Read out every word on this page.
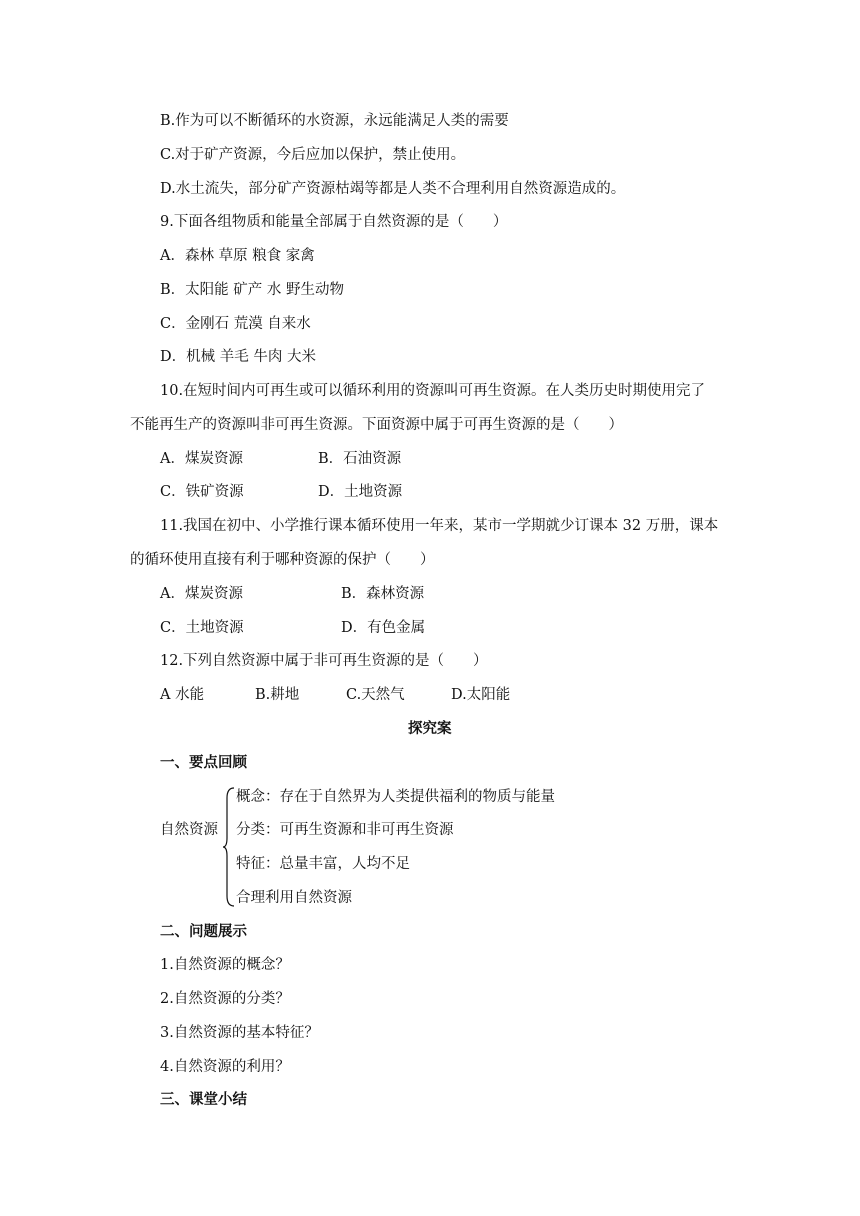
B.作为可以不断循环的水资源，永远能满足人类的需要
C.对于矿产资源，今后应加以保护，禁止使用。
D.水土流失，部分矿产资源枯竭等都是人类不合理利用自然资源造成的。
9.下面各组物质和能量全部属于自然资源的是（　　）
A．森林 草原 粮食 家禽
B．太阳能 矿产 水 野生动物
C．金刚石 荒漠 自来水
D．机械 羊毛 牛肉 大米
10.在短时间内可再生或可以循环利用的资源叫可再生资源。在人类历史时期使用完了
不能再生产的资源叫非可再生资源。下面资源中属于可再生资源的是（　　）
A．煤炭资源	B．石油资源
C．铁矿资源	D．土地资源
11.我国在初中、小学推行课本循环使用一年来，某市一学期就少订课本 32 万册，课本
的循环使用直接有利于哪种资源的保护（　　）
A．煤炭资源	B．森林资源
C．土地资源	D．有色金属
12.下列自然资源中属于非可再生资源的是（　　）
A 水能	B.耕地	C.天然气	D.太阳能
探究案
一、要点回顾
自然资源
概念：存在于自然界为人类提供福利的物质与能量
分类：可再生资源和非可再生资源
特征：总量丰富，人均不足
合理利用自然资源
二、问题展示
1.自然资源的概念？
2.自然资源的分类？
3.自然资源的基本特征？
4.自然资源的利用？
三、课堂小结
